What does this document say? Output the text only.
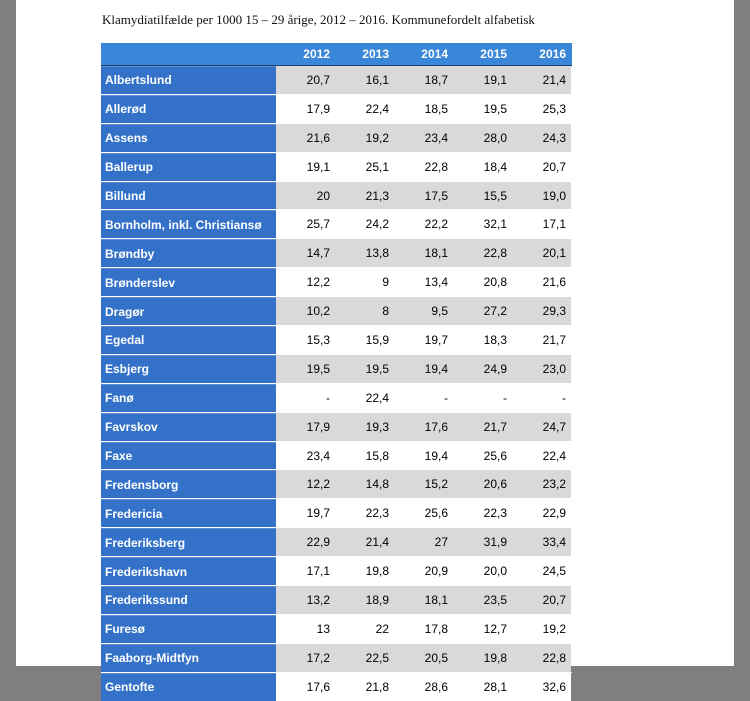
Klamydiatilfælde per 1000 15 – 29 årige, 2012 – 2016. Kommunefordelt alfabetisk
2012	2013	2014	2015	2016
Albertslund	20,7	16,1	18,7	19,1	21,4
Allerød	17,9	22,4	18,5	19,5	25,3
Assens	21,6	19,2	23,4	28,0	24,3
Ballerup	19,1	25,1	22,8	18,4	20,7
Billund	20	21,3	17,5	15,5	19,0
Bornholm, inkl. Christiansø	25,7	24,2	22,2	32,1	17,1
Brøndby	14,7	13,8	18,1	22,8	20,1
Brønderslev	12,2	9	13,4	20,8	21,6
Dragør	10,2	8	9,5	27,2	29,3
Egedal	15,3	15,9	19,7	18,3	21,7
Esbjerg	19,5	19,5	19,4	24,9	23,0
Fanø	-	22,4	-	-	-
Favrskov	17,9	19,3	17,6	21,7	24,7
Faxe	23,4	15,8	19,4	25,6	22,4
Fredensborg	12,2	14,8	15,2	20,6	23,2
Fredericia	19,7	22,3	25,6	22,3	22,9
Frederiksberg	22,9	21,4	27	31,9	33,4
Frederikshavn	17,1	19,8	20,9	20,0	24,5
Frederikssund	13,2	18,9	18,1	23,5	20,7
Furesø	13	22	17,8	12,7	19,2
Faaborg-Midtfyn	17,2	22,5	20,5	19,8	22,8
Gentofte	17,6	21,8	28,6	28,1	32,6
